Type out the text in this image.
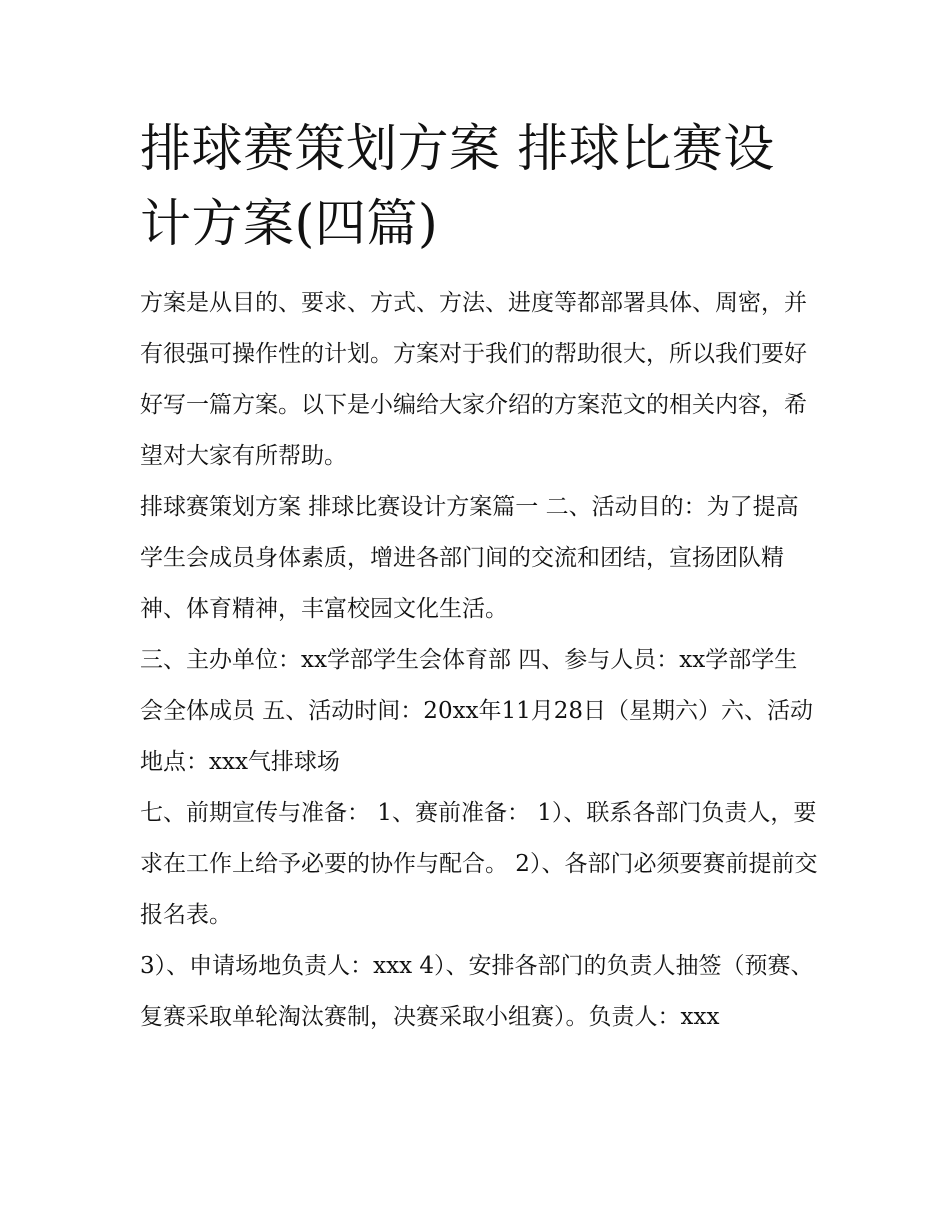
排球赛策划方案 排球比赛设计方案(四篇)

方案是从目的、要求、方式、方法、进度等都部署具体、周密，并有很强可操作性的计划。方案对于我们的帮助很大，所以我们要好好写一篇方案。以下是小编给大家介绍的方案范文的相关内容，希望对大家有所帮助。

排球赛策划方案 排球比赛设计方案篇一 二、活动目的：为了提高学生会成员身体素质，增进各部门间的交流和团结，宣扬团队精神、体育精神，丰富校园文化生活。

三、主办单位：xx学部学生会体育部 四、参与人员：xx学部学生会全体成员 五、活动时间：20xx年11月28日（星期六）六、活动地点：xxx气排球场

七、前期宣传与准备： 1、赛前准备： 1）、联系各部门负责人，要求在工作上给予必要的协作与配合。 2）、各部门必须要赛前提前交报名表。

3）、申请场地负责人：xxx 4）、安排各部门的负责人抽签（预赛、复赛采取单轮淘汰赛制，决赛采取小组赛）。负责人：xxx
